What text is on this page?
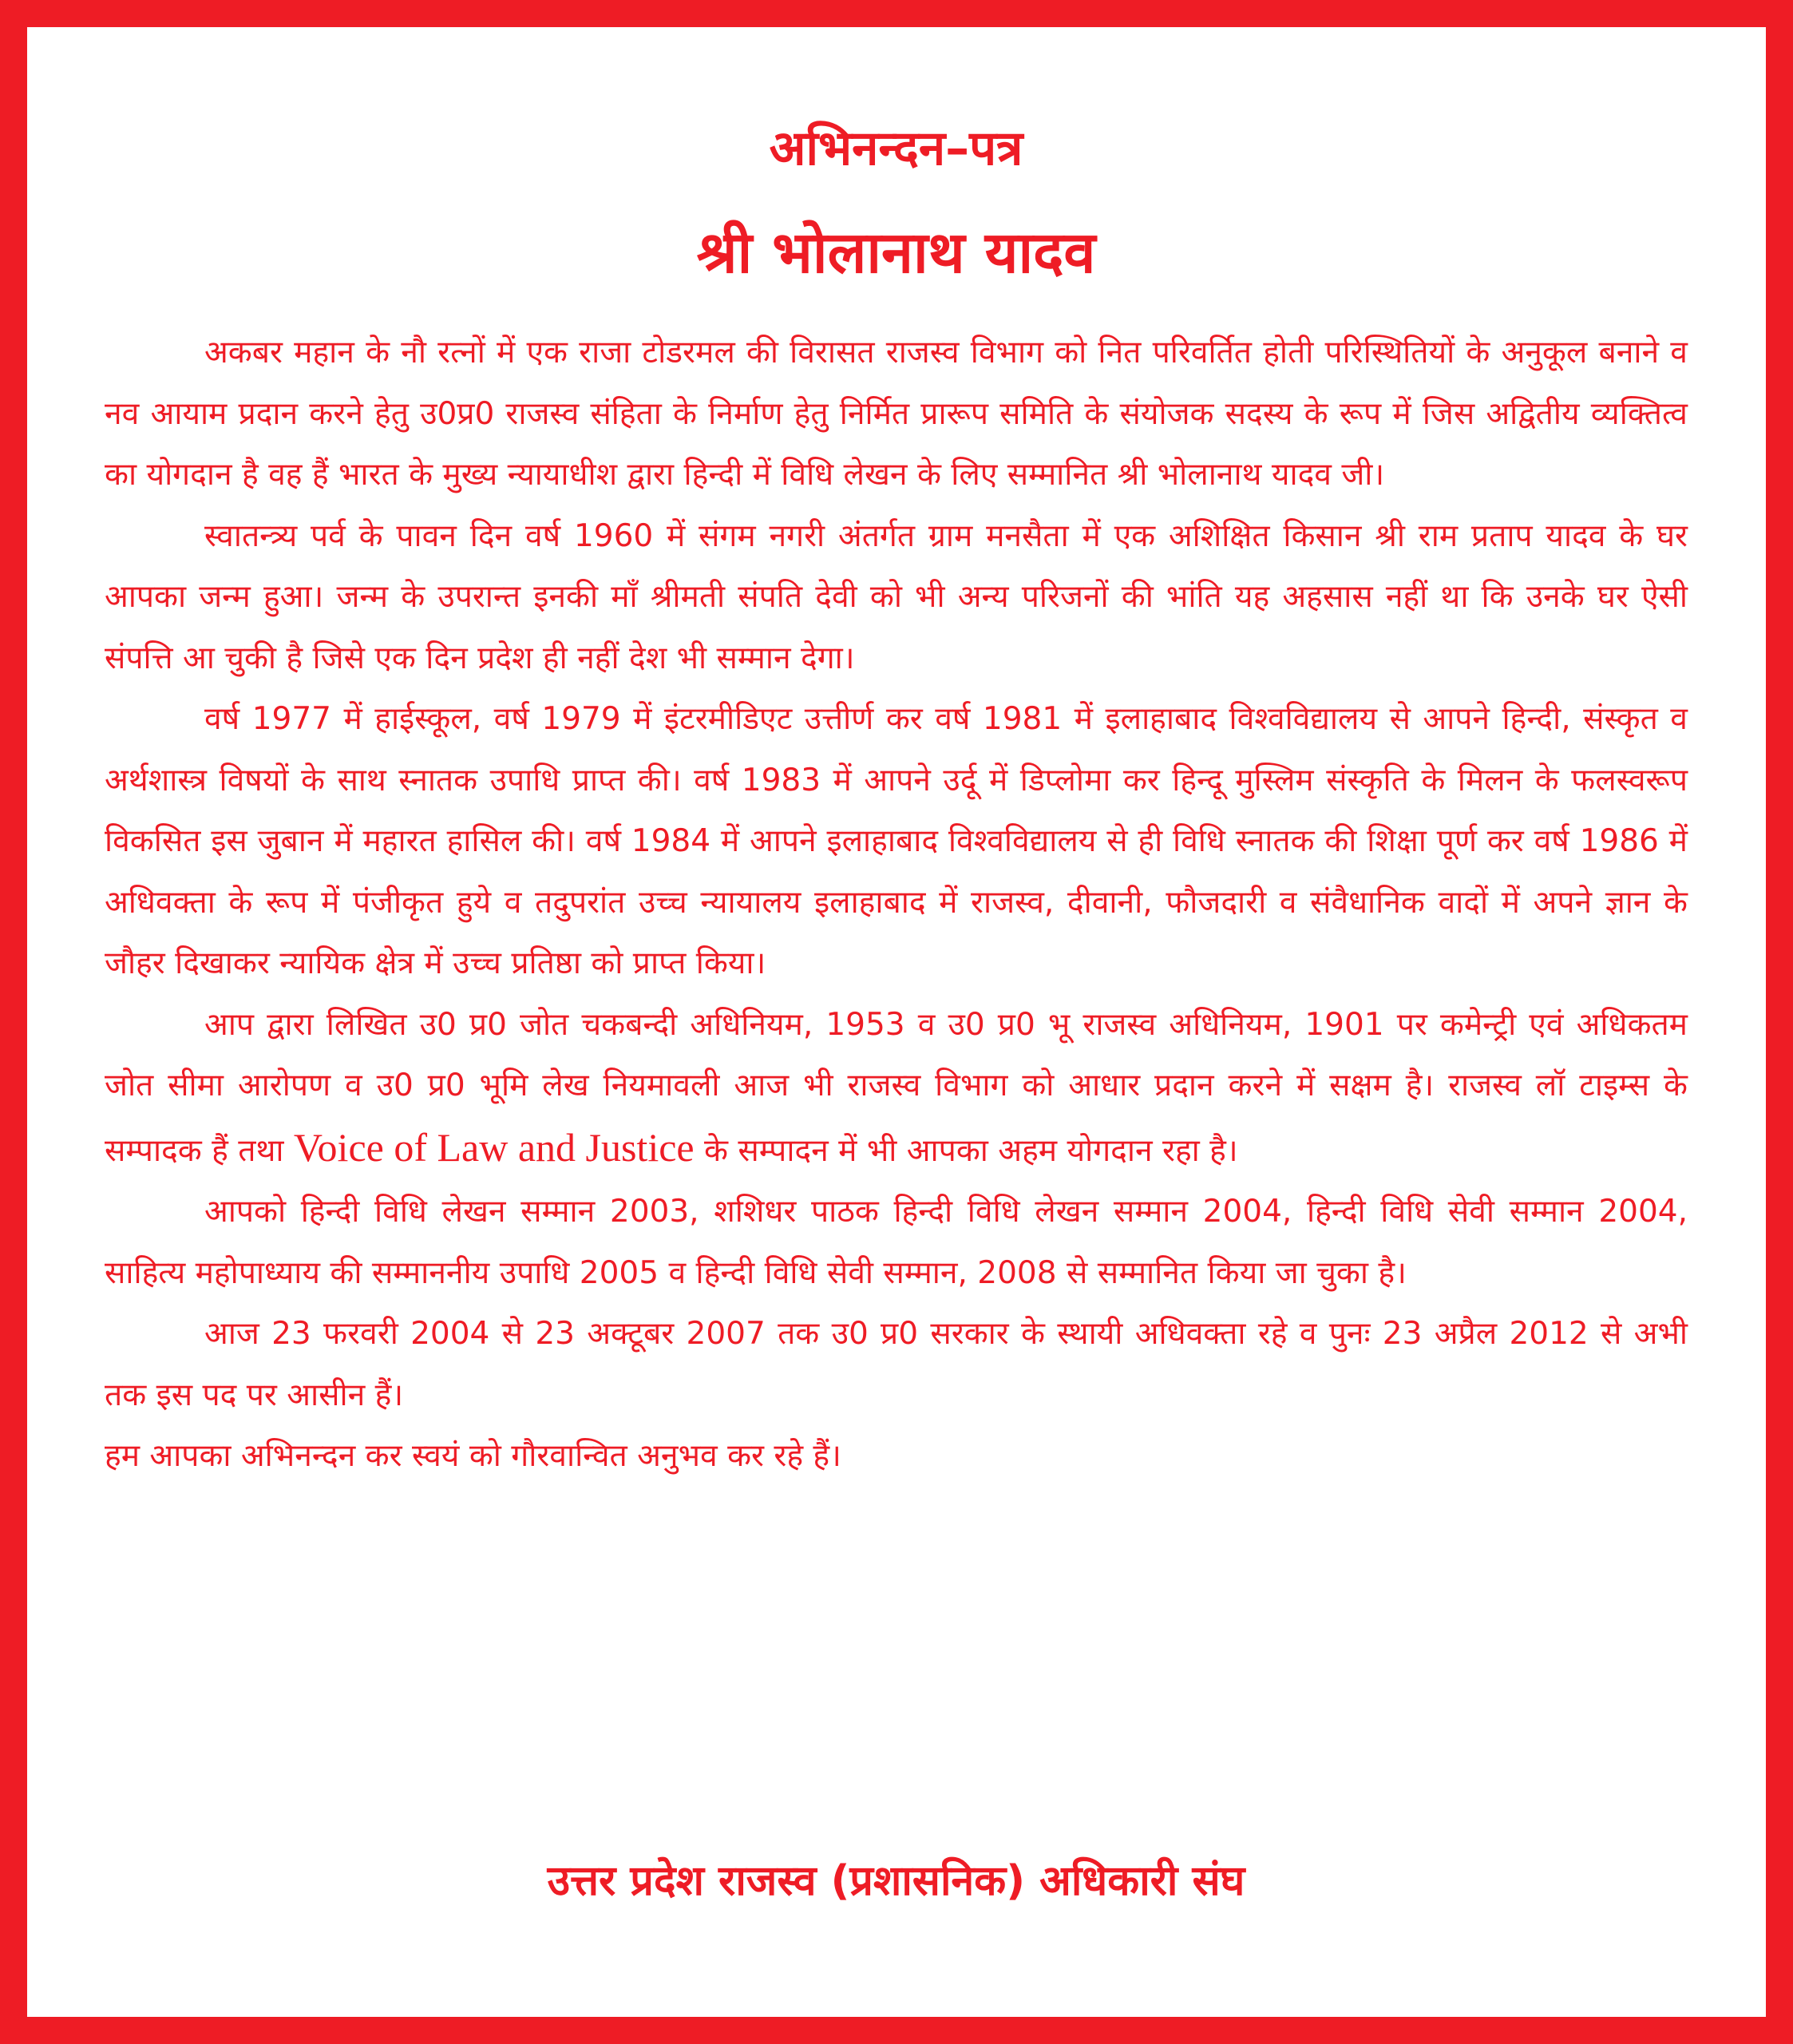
अभिनन्दन–पत्र
श्री भोलानाथ यादव

अकबर महान के नौ रत्नों में एक राजा टोडरमल की विरासत राजस्व विभाग को नित परिवर्तित होती परिस्थितियों के अनुकूल बनाने व नव आयाम प्रदान करने हेतु उ0प्र0 राजस्व संहिता के निर्माण हेतु निर्मित प्रारूप समिति के संयोजक सदस्य के रूप में जिस अद्वितीय व्यक्तित्व का योगदान है वह हैं भारत के मुख्य न्यायाधीश द्वारा हिन्दी में विधि लेखन के लिए सम्मानित श्री भोलानाथ यादव जी।

स्वातन्त्र्य पर्व के पावन दिन वर्ष 1960 में संगम नगरी अंतर्गत ग्राम मनसैता में एक अशिक्षित किसान श्री राम प्रताप यादव के घर आपका जन्म हुआ। जन्म के उपरान्त इनकी माँ श्रीमती संपति देवी को भी अन्य परिजनों की भांति यह अहसास नहीं था कि उनके घर ऐसी संपत्ति आ चुकी है जिसे एक दिन प्रदेश ही नहीं देश भी सम्मान देगा।

वर्ष 1977 में हाईस्कूल, वर्ष 1979 में इंटरमीडिएट उत्तीर्ण कर वर्ष 1981 में इलाहाबाद विश्वविद्यालय से आपने हिन्दी, संस्कृत व अर्थशास्त्र विषयों के साथ स्नातक उपाधि प्राप्त की। वर्ष 1983 में आपने उर्दू में डिप्लोमा कर हिन्दू मुस्लिम संस्कृति के मिलन के फलस्वरूप विकसित इस जुबान में महारत हासिल की। वर्ष 1984 में आपने इलाहाबाद विश्वविद्यालय से ही विधि स्नातक की शिक्षा पूर्ण कर वर्ष 1986 में अधिवक्ता के रूप में पंजीकृत हुये व तदुपरांत उच्च न्यायालय इलाहाबाद में राजस्व, दीवानी, फौजदारी व संवैधानिक वादों में अपने ज्ञान के जौहर दिखाकर न्यायिक क्षेत्र में उच्च प्रतिष्ठा को प्राप्त किया।

आप द्वारा लिखित उ0 प्र0 जोत चकबन्दी अधिनियम, 1953 व उ0 प्र0 भू राजस्व अधिनियम, 1901 पर कमेन्ट्री एवं अधिकतम जोत सीमा आरोपण व उ0 प्र0 भूमि लेख नियमावली आज भी राजस्व विभाग को आधार प्रदान करने में सक्षम है। राजस्व लॉ टाइम्स के सम्पादक हैं तथा Voice of Law and Justice के सम्पादन में भी आपका अहम योगदान रहा है।

आपको हिन्दी विधि लेखन सम्मान 2003, शशिधर पाठक हिन्दी विधि लेखन सम्मान 2004, हिन्दी विधि सेवी सम्मान 2004, साहित्य महोपाध्याय की सम्माननीय उपाधि 2005 व हिन्दी विधि सेवी सम्मान, 2008 से सम्मानित किया जा चुका है।

आज 23 फरवरी 2004 से 23 अक्टूबर 2007 तक उ0 प्र0 सरकार के स्थायी अधिवक्ता रहे व पुनः 23 अप्रैल 2012 से अभी तक इस पद पर आसीन हैं।

हम आपका अभिनन्दन कर स्वयं को गौरवान्वित अनुभव कर रहे हैं।

उत्तर प्रदेश राजस्व (प्रशासनिक) अधिकारी संघ
